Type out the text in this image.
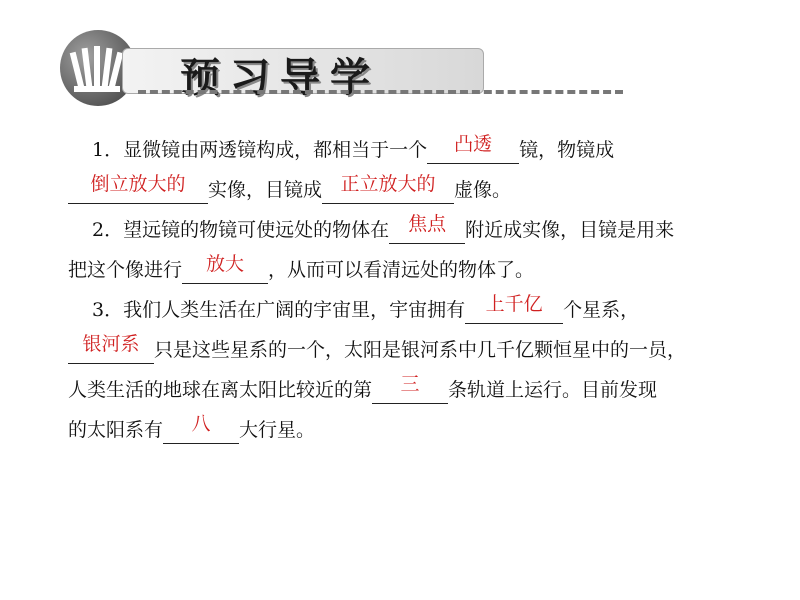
预习导学
1．显微镜由两透镜构成，都相当于一个 凸透 镜，物镜成
倒立放大的 实像，目镜成 正立放大的 虚像。
2．望远镜的物镜可使远处的物体在 焦点 附近成实像，目镜是用来
把这个像进行 放大 ，从而可以看清远处的物体了。
3．我们人类生活在广阔的宇宙里，宇宙拥有 上千亿 个星系，
银河系 只是这些星系的一个，太阳是银河系中几千亿颗恒星中的一员，
人类生活的地球在离太阳比较近的第 三 条轨道上运行。目前发现
的太阳系有 八 大行星。
